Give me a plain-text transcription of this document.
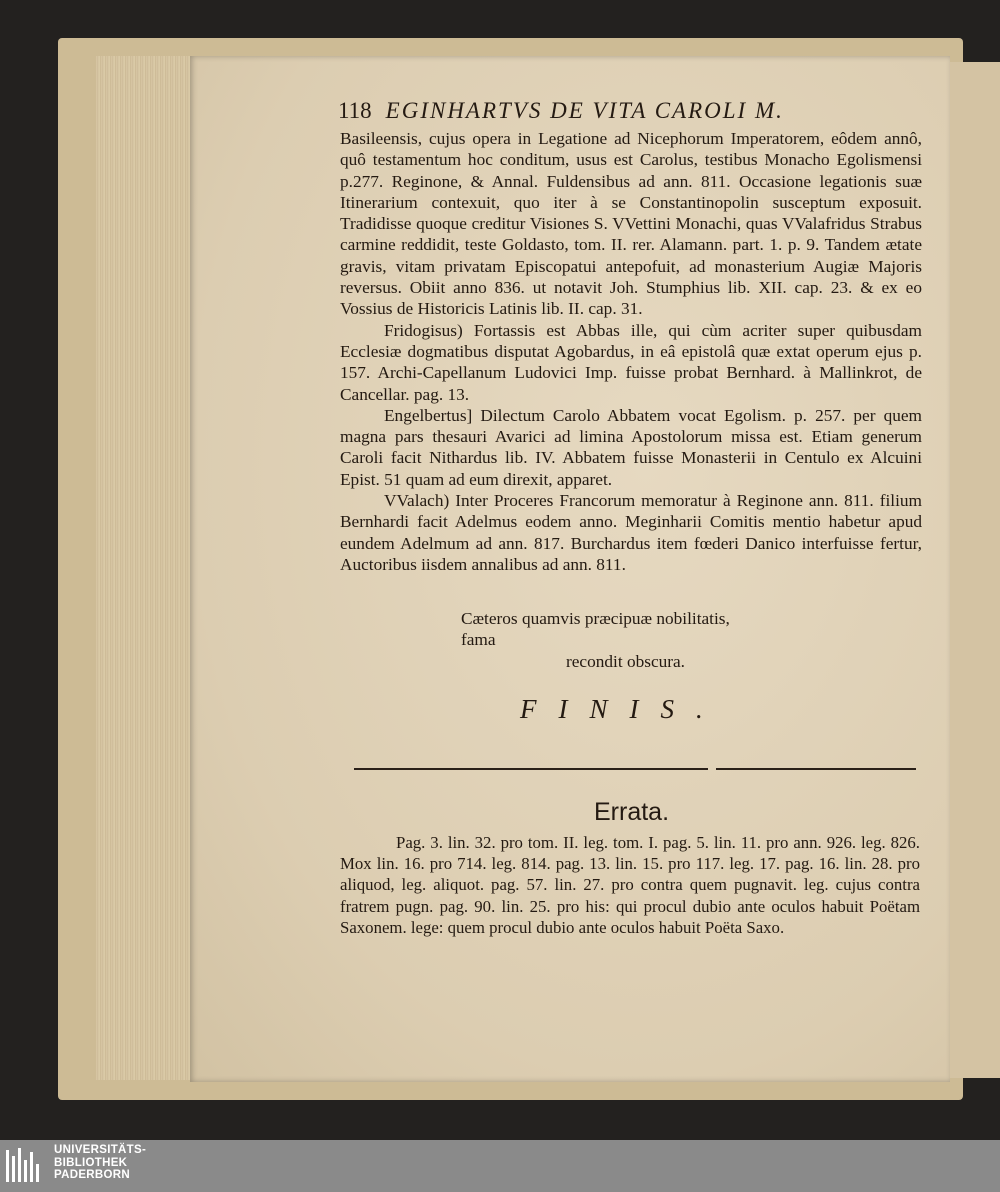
118 EGINHARTVS DE VITA CAROLI M.

Basileensis, cujus opera in Legatione ad Nicephorum Imperatorem, eôdem annô, quô testamentum hoc conditum, usus est Carolus, testibus Monacho Egolismensi p.277. Reginone, & Annal. Fuldensibus ad ann. 811. Occasione legationis suæ Itinerarium contexuit, quo iter à se Constantinopolin susceptum exposuit. Tradidisse quoque creditur Visiones S. VVettini Monachi, quas VValafridus Strabus carmine reddidit, teste Goldasto, tom. II. rer. Alamann. part. 1. p. 9. Tandem ætate gravis, vitam privatam Episcopatui antepofuit, ad monasterium Augiæ Majoris reversus. Obiit anno 836. ut notavit Joh. Stumphius lib. XII. cap. 23. & ex eo Vossius de Historicis Latinis lib. II. cap. 31.

Fridogisus) Fortassis est Abbas ille, qui cùm acriter super quibusdam Ecclesiæ dogmatibus disputat Agobardus, in eâ epistolâ quæ extat operum ejus p. 157. Archi-Capellanum Ludovici Imp. fuisse probat Bernhard. à Mallinkrot, de Cancellar. pag. 13.

Engelbertus] Dilectum Carolo Abbatem vocat Egolism. p. 257. per quem magna pars thesauri Avarici ad limina Apostolorum missa est. Etiam generum Caroli facit Nithardus lib. IV. Abbatem fuisse Monasterii in Centulo ex Alcuini Epist. 51 quam ad eum direxit, apparet.

VValach) Inter Proceres Francorum memoratur à Reginone ann. 811. filium Bernhardi facit Adelmus eodem anno. Meginharii Comitis mentio habetur apud eundem Adelmum ad ann. 817. Burchardus item fœderi Danico interfuisse fertur, Auctoribus iisdem annalibus ad ann. 811.

Cæteros quamvis præcipuæ nobilitatis, fama
recondit obscura.
FINIS.
Errata.

Pag. 3. lin. 32. pro tom. II. leg. tom. I. pag. 5. lin. 11. pro ann. 926. leg. 826. Mox lin. 16. pro 714. leg. 814. pag. 13. lin. 15. pro 117. leg. 17. pag. 16. lin. 28. pro aliquod, leg. aliquot. pag. 57. lin. 27. pro contra quem pugnavit. leg. cujus contra fratrem pugn. pag. 90. lin. 25. pro his: qui procul dubio ante oculos habuit Poëtam Saxonem. lege: quem procul dubio ante oculos habuit Poëta Saxo.

UNIVERSITÄTS-
BIBLIOTHEK
PADERBORN
